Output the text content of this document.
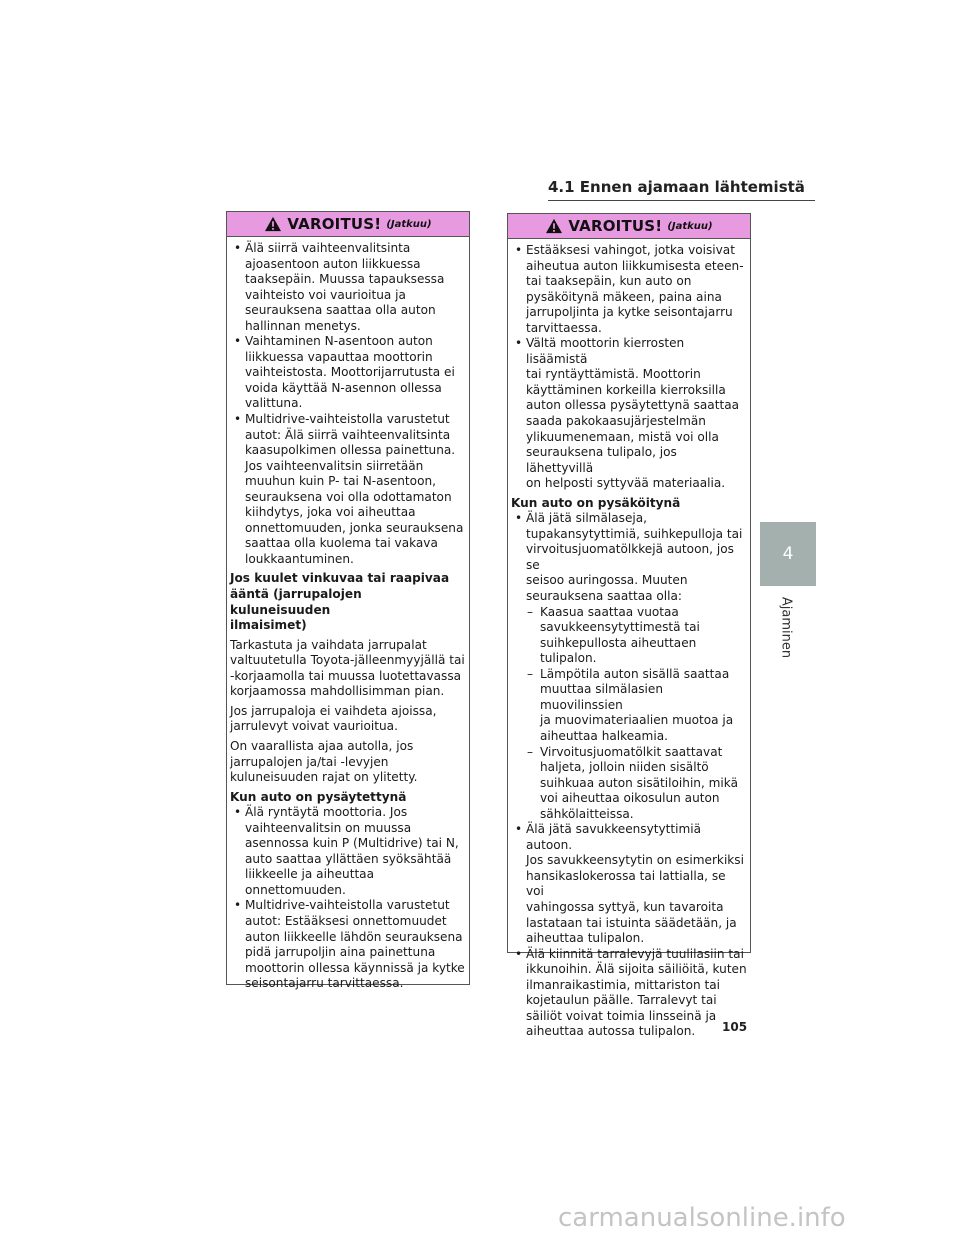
4.1 Ennen ajamaan lähtemistä
VAROITUS! (Jatkuu)
• Älä siirrä vaihteenvalitsinta
ajoasentoon auton liikkuessa
taaksepäin. Muussa tapauksessa
vaihteisto voi vaurioitua ja
seurauksena saattaa olla auton
hallinnan menetys.
• Vaihtaminen N-asentoon auton
liikkuessa vapauttaa moottorin
vaihteistosta. Moottorijarrutusta ei
voida käyttää N-asennon ollessa
valittuna.
• Multidrive-vaihteistolla varustetut
autot: Älä siirrä vaihteenvalitsinta
kaasupolkimen ollessa painettuna.
Jos vaihteenvalitsin siirretään
muuhun kuin P- tai N-asentoon,
seurauksena voi olla odottamaton
kiihdytys, joka voi aiheuttaa
onnettomuuden, jonka seurauksena
saattaa olla kuolema tai vakava
loukkaantuminen.
Jos kuulet vinkuvaa tai raapivaa
ääntä (jarrupalojen kuluneisuuden
ilmaisimet)
Tarkastuta ja vaihdata jarrupalat
valtuutetulla Toyota-jälleenmyyjällä tai
-korjaamolla tai muussa luotettavassa
korjaamossa mahdollisimman pian.
Jos jarrupaloja ei vaihdeta ajoissa,
jarrulevyt voivat vaurioitua.
On vaarallista ajaa autolla, jos
jarrupalojen ja/tai -levyjen
kuluneisuuden rajat on ylitetty.
Kun auto on pysäytettynä
• Älä ryntäytä moottoria. Jos
vaihteenvalitsin on muussa
asennossa kuin P (Multidrive) tai N,
auto saattaa yllättäen syöksähtää
liikkeelle ja aiheuttaa
onnettomuuden.
• Multidrive-vaihteistolla varustetut
autot: Estääksesi onnettomuudet
auton liikkeelle lähdön seurauksena
pidä jarrupoljin aina painettuna
moottorin ollessa käynnissä ja kytke
seisontajarru tarvittaessa.
VAROITUS! (Jatkuu)
• Estääksesi vahingot, jotka voisivat
aiheutua auton liikkumisesta eteen-
tai taaksepäin, kun auto on
pysäköitynä mäkeen, paina aina
jarrupoljinta ja kytke seisontajarru
tarvittaessa.
• Vältä moottorin kierrosten lisäämistä
tai ryntäyttämistä. Moottorin
käyttäminen korkeilla kierroksilla
auton ollessa pysäytettynä saattaa
saada pakokaasujärjestelmän
ylikuumenemaan, mistä voi olla
seurauksena tulipalo, jos lähettyvillä
on helposti syttyvää materiaalia.
Kun auto on pysäköitynä
• Älä jätä silmälaseja,
tupakansytyttimiä, suihkepulloja tai
virvoitusjuomatölkkejä autoon, jos se
seisoo auringossa. Muuten
seurauksena saattaa olla:
– Kaasua saattaa vuotaa
savukkeensytyttimestä tai
suihkepullosta aiheuttaen
tulipalon.
– Lämpötila auton sisällä saattaa
muuttaa silmälasien muovilinssien
ja muovimateriaalien muotoa ja
aiheuttaa halkeamia.
– Virvoitusjuomatölkit saattavat
haljeta, jolloin niiden sisältö
suihkuaa auton sisätiloihin, mikä
voi aiheuttaa oikosulun auton
sähkölaitteissa.
• Älä jätä savukkeensytyttimiä autoon.
Jos savukkeensytytin on esimerkiksi
hansikaslokerossa tai lattialla, se voi
vahingossa syttyä, kun tavaroita
lastataan tai istuinta säädetään, ja
aiheuttaa tulipalon.
• Älä kiinnitä tarralevyjä tuulilasiin tai
ikkunoihin. Älä sijoita säiliöitä, kuten
ilmanraikastimia, mittariston tai
kojetaulun päälle. Tarralevyt tai
säiliöt voivat toimia linsseinä ja
aiheuttaa autossa tulipalon.
4
Ajaminen
105
carmanualsonline.info
